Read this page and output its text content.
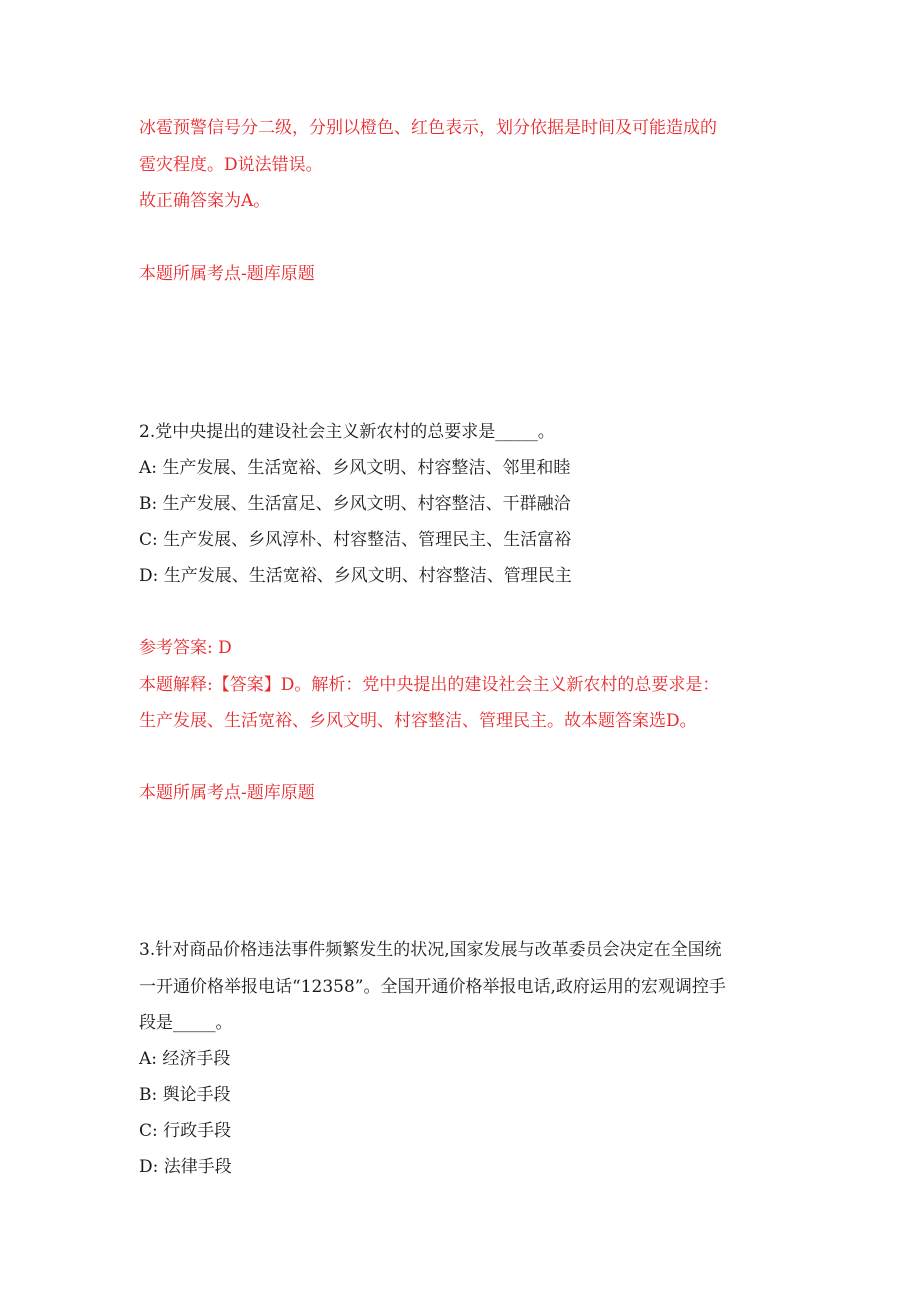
冰雹预警信号分二级，分别以橙色、红色表示，划分依据是时间及可能造成的
雹灾程度。D说法错误。
故正确答案为A。
本题所属考点-题库原题
2.党中央提出的建设社会主义新农村的总要求是_____。
A: 生产发展、生活宽裕、乡风文明、村容整洁、邻里和睦
B: 生产发展、生活富足、乡风文明、村容整洁、干群融洽
C: 生产发展、乡风淳朴、村容整洁、管理民主、生活富裕
D: 生产发展、生活宽裕、乡风文明、村容整洁、管理民主
参考答案: D
本题解释:【答案】D。解析：党中央提出的建设社会主义新农村的总要求是：
生产发展、生活宽裕、乡风文明、村容整洁、管理民主。故本题答案选D。
本题所属考点-题库原题
3.针对商品价格违法事件频繁发生的状况,国家发展与改革委员会决定在全国统
一开通价格举报电话“12358”。全国开通价格举报电话,政府运用的宏观调控手
段是_____。
A: 经济手段
B: 舆论手段
C: 行政手段
D: 法律手段
